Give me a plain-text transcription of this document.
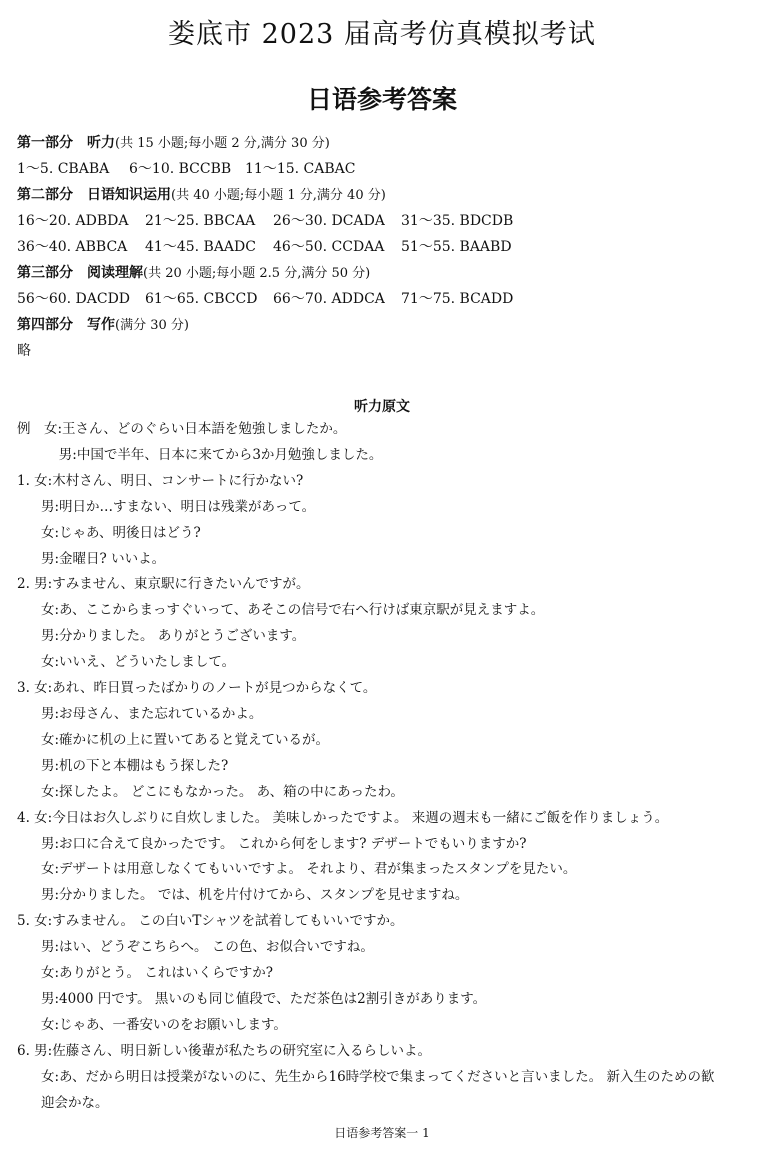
娄底市 2023 届高考仿真模拟考试
日语参考答案
第一部分　听力(共 15 小题;每小题 2 分,满分 30 分)
1～5. CBABA	6～10. BCCBB 11～15. CABAC
第二部分　日语知识运用(共 40 小题;每小题 1 分,满分 40 分)
16～20. ADBDA	21～25. BBCAA	26～30. DCADA	31～35. BDCDB
36～40. ABBCA	41～45. BAADC	46～50. CCDAA	51～55. BAABD
第三部分　阅读理解(共 20 小题;每小题 2.5 分,满分 50 分)
56～60. DACDD	61～65. CBCCD	66～70. ADDCA	71～75. BCADD
第四部分　写作(满分 30 分)
略
听力原文
例　女:王さん、どのぐらい日本語を勉強しましたか。
　 男:中国で半年、日本に来てから3か月勉強しました。
1. 女:木村さん、明日、コンサートに行かない?
男:明日か…すまない、明日は残業があって。
女:じゃあ、明後日はどう?
男:金曜日? いいよ。
2. 男:すみません、東京駅に行きたいんですが。
女:あ、ここからまっすぐいって、あそこの信号で右へ行けば東京駅が見えますよ。
男:分かりました。 ありがとうございます。
女:いいえ、どういたしまして。
3. 女:あれ、昨日買ったばかりのノートが見つからなくて。
男:お母さん、また忘れているかよ。
女:確かに机の上に置いてあると覚えているが。
男:机の下と本棚はもう探した?
女:探したよ。 どこにもなかった。 あ、箱の中にあったわ。
4. 女:今日はお久しぶりに自炊しました。 美味しかったですよ。 来週の週末も一緒にご飯を作りましょう。
男:お口に合えて良かったです。 これから何をします? デザートでもいりますか?
女:デザートは用意しなくてもいいですよ。 それより、君が集まったスタンプを見たい。
男:分かりました。 では、机を片付けてから、スタンプを見せますね。
5. 女:すみません。 この白いTシャツを試着してもいいですか。
男:はい、どうぞこちらへ。 この色、お似合いですね。
女:ありがとう。 これはいくらですか?
男:4000 円です。 黒いのも同じ値段で、ただ茶色は2割引きがあります。
女:じゃあ、一番安いのをお願いします。
6. 男:佐藤さん、明日新しい後輩が私たちの研究室に入るらしいよ。
女:あ、だから明日は授業がないのに、先生から16時学校で集まってくださいと言いました。 新入生のための歓
迎会かな。
日语参考答案一 1
